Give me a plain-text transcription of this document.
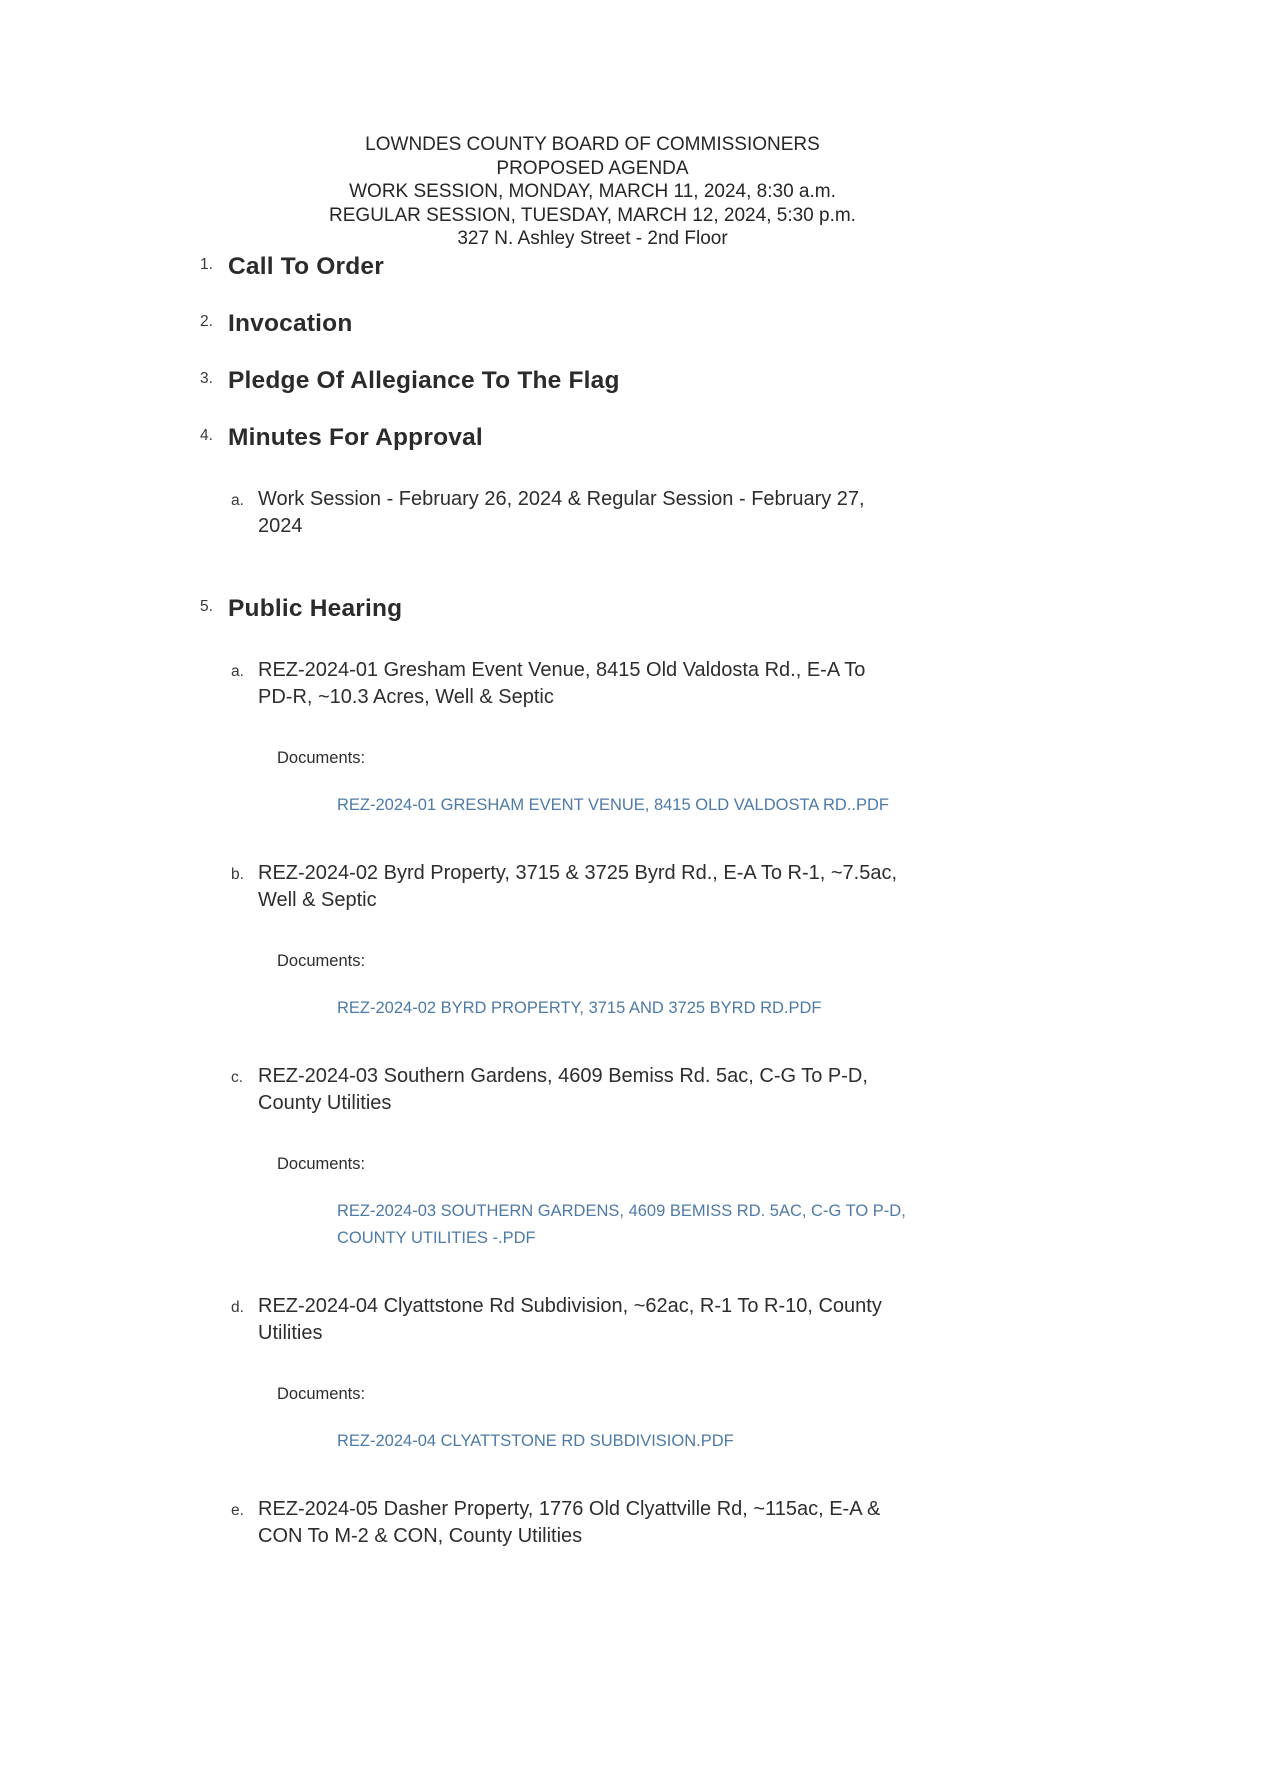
LOWNDES COUNTY BOARD OF COMMISSIONERS
PROPOSED AGENDA
WORK SESSION, MONDAY, MARCH 11, 2024, 8:30 a.m.
REGULAR SESSION, TUESDAY, MARCH 12, 2024, 5:30 p.m.
327 N. Ashley Street - 2nd Floor
1. Call To Order
2. Invocation
3. Pledge Of Allegiance To The Flag
4. Minutes For Approval
a. Work Session - February 26, 2024 & Regular Session - February 27,
2024
5. Public Hearing
a. REZ-2024-01 Gresham Event Venue, 8415 Old Valdosta Rd., E-A To
PD-R, ~10.3 Acres, Well & Septic
Documents:
REZ-2024-01 GRESHAM EVENT VENUE, 8415 OLD VALDOSTA RD..PDF
b. REZ-2024-02 Byrd Property, 3715 & 3725 Byrd Rd., E-A To R-1, ~7.5ac,
Well & Septic
Documents:
REZ-2024-02 BYRD PROPERTY, 3715 AND 3725 BYRD RD.PDF
c. REZ-2024-03 Southern Gardens, 4609 Bemiss Rd. 5ac, C-G To P-D,
County Utilities
Documents:
REZ-2024-03 SOUTHERN GARDENS, 4609 BEMISS RD. 5AC, C-G TO P-D,
COUNTY UTILITIES -.PDF
d. REZ-2024-04 Clyattstone Rd Subdivision, ~62ac, R-1 To R-10, County
Utilities
Documents:
REZ-2024-04 CLYATTSTONE RD SUBDIVISION.PDF
e. REZ-2024-05 Dasher Property, 1776 Old Clyattville Rd, ~115ac, E-A &
CON To M-2 & CON, County Utilities
